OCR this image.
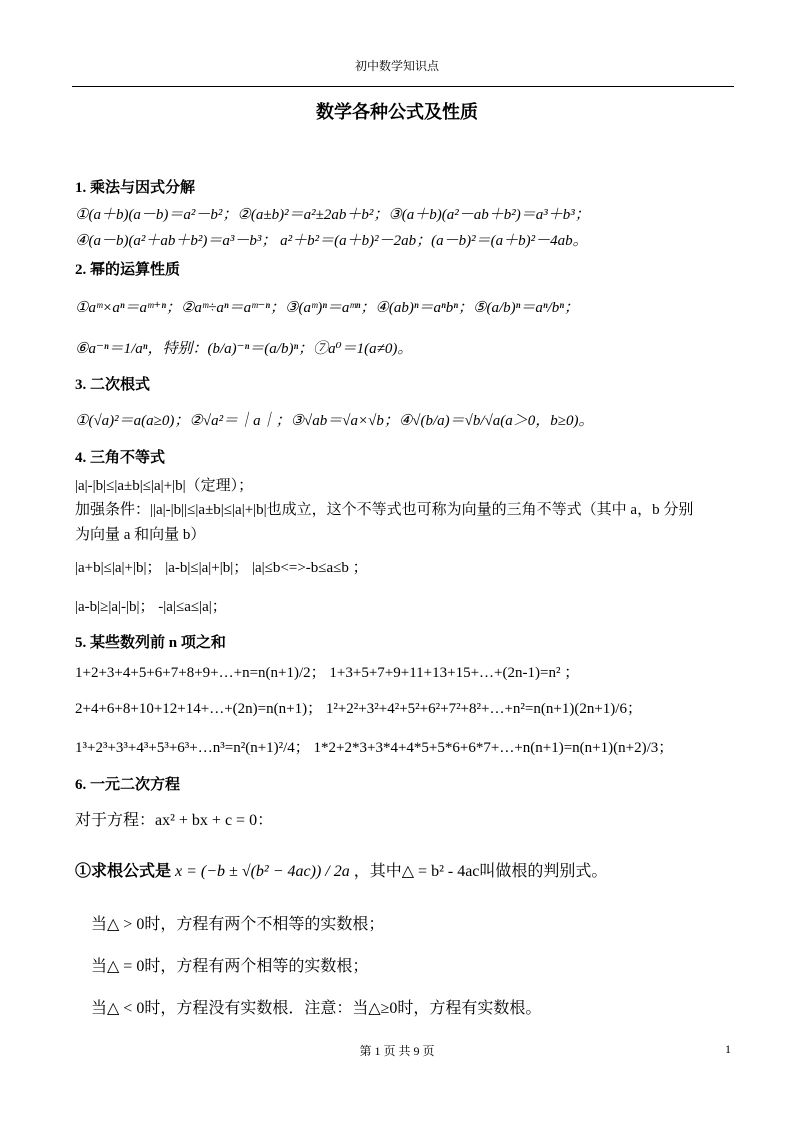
初中数学知识点
数学各种公式及性质
1. 乘法与因式分解
①(a＋b)(a－b)＝a²－b²；②(a±b)²＝a²±2ab＋b²；③(a＋b)(a²－ab＋b²)＝a³＋b³；
④(a－b)(a²＋ab＋b²)＝a³－b³； a²＋b²＝(a＋b)²－2ab；(a－b)²＝(a＋b)²－4ab。
2. 幂的运算性质
①aᵐ×aⁿ＝aᵐ⁺ⁿ；②aᵐ÷aⁿ＝aᵐ⁻ⁿ；③(aᵐ)ⁿ＝aᵐⁿ；④(ab)ⁿ＝aⁿbⁿ；⑤(a/b)ⁿ＝aⁿ/bⁿ；
⑥a⁻ⁿ＝1/aⁿ，特别：(b/a)⁻ⁿ＝(a/b)ⁿ；⑦a⁰＝1(a≠0)。
3. 二次根式
①(√a)²＝a(a≥0)；②√a²＝｜a｜；③√ab＝√a×√b；④√(b/a)＝√b/√a(a＞0，b≥0)。
4. 三角不等式
|a|-|b|≤|a±b|≤|a|+|b|（定理）；
加强条件：||a|-|b||≤|a±b|≤|a|+|b|也成立，这个不等式也可称为向量的三角不等式（其中 a，b 分别
为向量 a 和向量 b）
|a+b|≤|a|+|b|； |a-b|≤|a|+|b|； |a|≤b<=>-b≤a≤b ；
|a-b|≥|a|-|b|； -|a|≤a≤|a|；
5. 某些数列前 n 项之和
1+2+3+4+5+6+7+8+9+…+n=n(n+1)/2； 1+3+5+7+9+11+13+15+…+(2n-1)=n² ；
2+4+6+8+10+12+14+…+(2n)=n(n+1)； 1²+2²+3²+4²+5²+6²+7²+8²+…+n²=n(n+1)(2n+1)/6；
1³+2³+3³+4³+5³+6³+…n³=n²(n+1)²/4； 1*2+2*3+3*4+4*5+5*6+6*7+…+n(n+1)=n(n+1)(n+2)/3；
6. 一元二次方程
对于方程：ax² + bx + c = 0：
①求根公式是 x = (−b ± √(b² − 4ac)) / 2a ，其中△ = b² - 4ac叫做根的判别式。
当△ > 0时，方程有两个不相等的实数根；
当△ = 0时，方程有两个相等的实数根；
当△ < 0时，方程没有实数根．注意：当△≥0时，方程有实数根。
第 1 页 共 9 页	1
